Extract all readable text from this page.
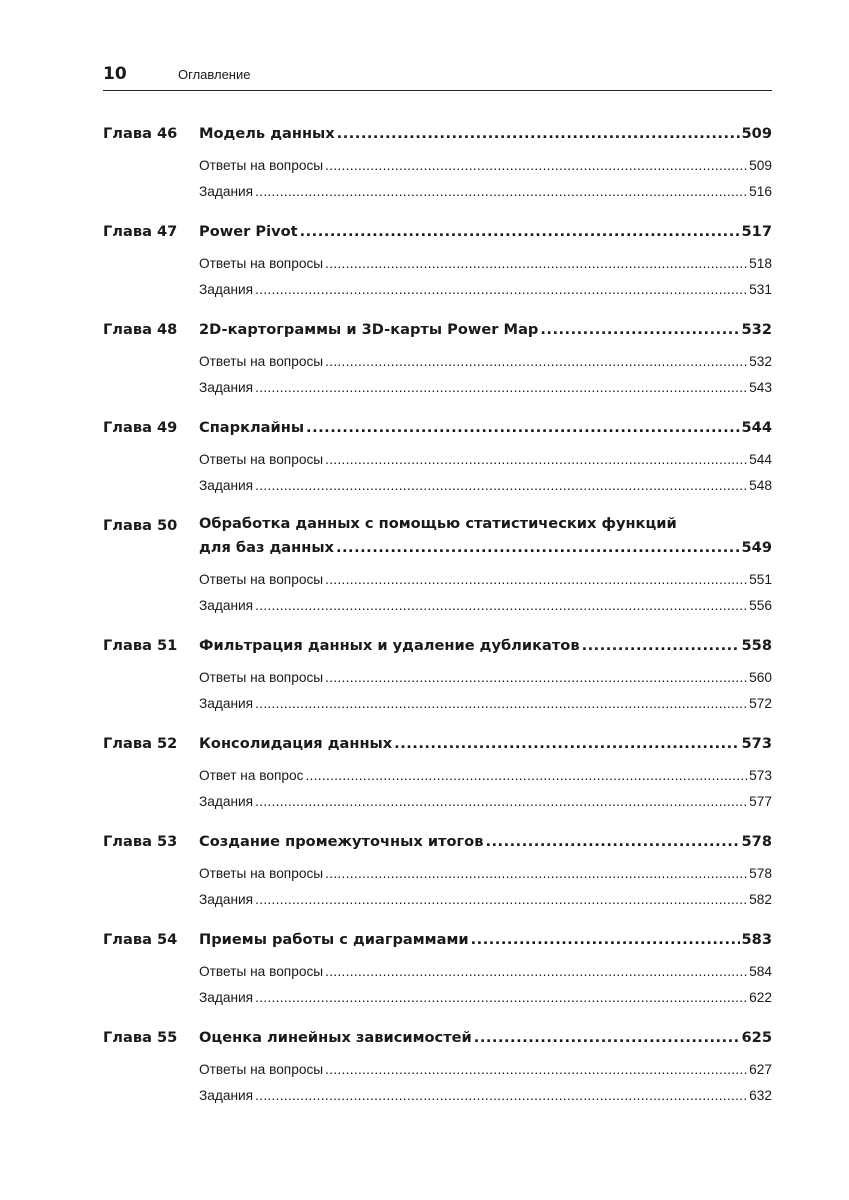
10	Оглавление
Глава 46	Модель данных .....	509
Ответы на вопросы .....	509
Задания .....	516
Глава 47	Power Pivot .....	517
Ответы на вопросы .....	518
Задания .....	531
Глава 48	2D-картограммы и 3D-карты Power Map .....	532
Ответы на вопросы .....	532
Задания .....	543
Глава 49	Спарклайны .....	544
Ответы на вопросы .....	544
Задания .....	548
Глава 50	Обработка данных с помощью статистических функций
для баз данных .....	549
Ответы на вопросы .....	551
Задания .....	556
Глава 51	Фильтрация данных и удаление дубликатов .....	558
Ответы на вопросы .....	560
Задания .....	572
Глава 52	Консолидация данных .....	573
Ответ на вопрос .....	573
Задания .....	577
Глава 53	Создание промежуточных итогов .....	578
Ответы на вопросы .....	578
Задания .....	582
Глава 54	Приемы работы с диаграммами .....	583
Ответы на вопросы .....	584
Задания .....	622
Глава 55	Оценка линейных зависимостей .....	625
Ответы на вопросы .....	627
Задания .....	632
